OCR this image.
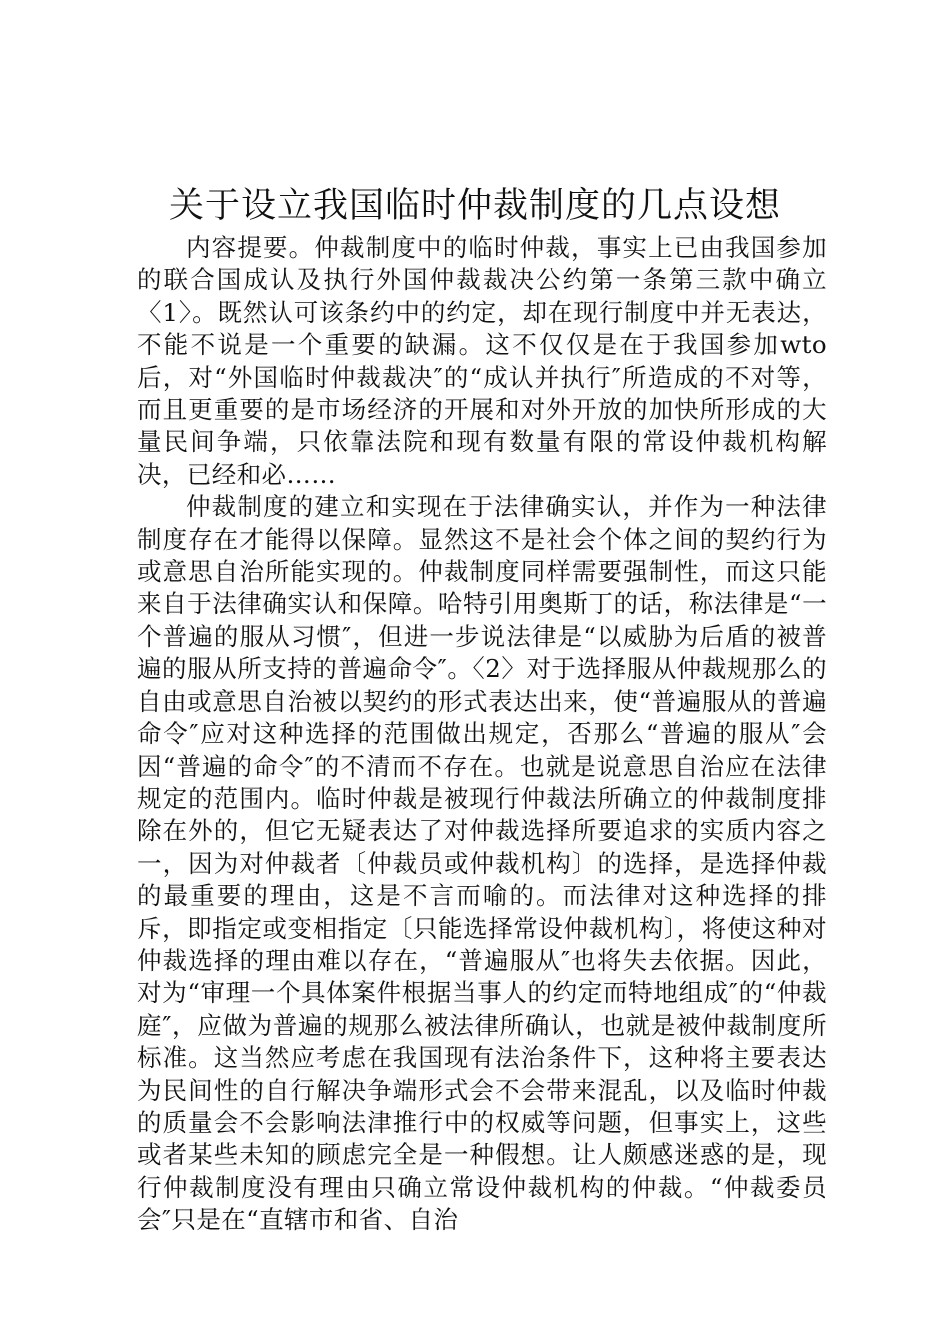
关于设立我国临时仲裁制度的几点设想

内容提要。仲裁制度中的临时仲裁，事实上已由我国参加的联合国成认及执行外国仲裁裁决公约第一条第三款中确立〈1〉。既然认可该条约中的约定，却在现行制度中并无表达，不能不说是一个重要的缺漏。这不仅仅是在于我国参加wto后，对“外国临时仲裁裁决″的“成认并执行″所造成的不对等，而且更重要的是市场经济的开展和对外开放的加快所形成的大量民间争端，只依靠法院和现有数量有限的常设仲裁机构解决，已经和必……

仲裁制度的建立和实现在于法律确实认，并作为一种法律制度存在才能得以保障。显然这不是社会个体之间的契约行为或意思自治所能实现的。仲裁制度同样需要强制性，而这只能来自于法律确实认和保障。哈特引用奥斯丁的话，称法律是“一个普遍的服从习惯″，但进一步说法律是“以威胁为后盾的被普遍的服从所支持的普遍命令″。〈2〉对于选择服从仲裁规那么的自由或意思自治被以契约的形式表达出来，使“普遍服从的普遍命令″应对这种选择的范围做出规定，否那么“普遍的服从″会因“普遍的命令″的不清而不存在。也就是说意思自治应在法律规定的范围内。临时仲裁是被现行仲裁法所确立的仲裁制度排除在外的，但它无疑表达了对仲裁选择所要追求的实质内容之一，因为对仲裁者〔仲裁员或仲裁机构〕的选择，是选择仲裁的最重要的理由，这是不言而喻的。而法律对这种选择的排斥，即指定或变相指定〔只能选择常设仲裁机构〕，将使这种对仲裁选择的理由难以存在，“普遍服从″也将失去依据。因此，对为“审理一个具体案件根据当事人的约定而特地组成″的“仲裁庭″，应做为普遍的规那么被法律所确认，也就是被仲裁制度所标准。这当然应考虑在我国现有法治条件下，这种将主要表达为民间性的自行解决争端形式会不会带来混乱，以及临时仲裁的质量会不会影响法津推行中的权威等问题，但事实上，这些或者某些未知的顾虑完全是一种假想。让人颇感迷惑的是，现行仲裁制度没有理由只确立常设仲裁机构的仲裁。“仲裁委员会″只是在“直辖市和省、自治
